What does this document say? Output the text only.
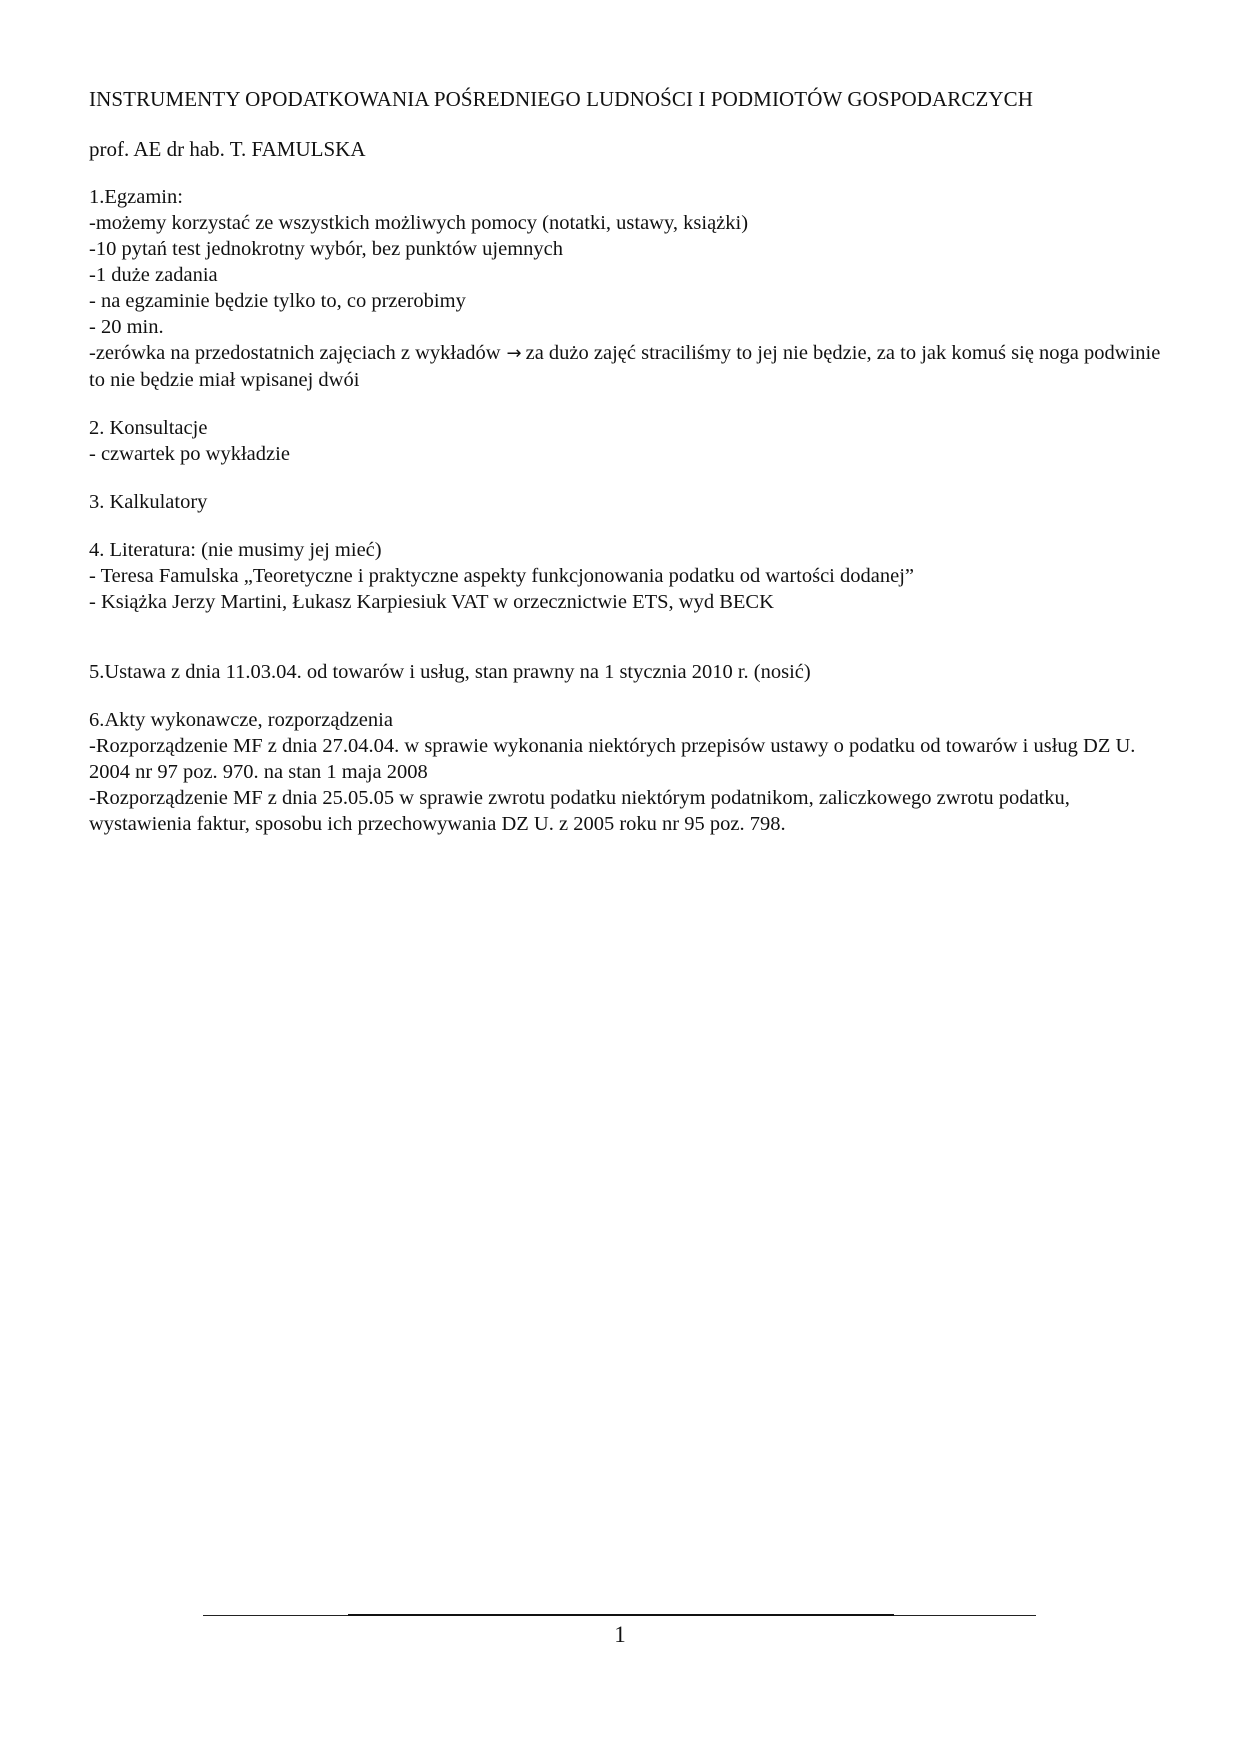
INSTRUMENTY OPODATKOWANIA POŚREDNIEGO LUDNOŚCI I PODMIOTÓW GOSPODARCZYCH

prof. AE dr hab. T. FAMULSKA

1.Egzamin:

-możemy korzystać ze wszystkich możliwych pomocy (notatki, ustawy, książki)

-10 pytań test jednokrotny wybór, bez punktów ujemnych

-1 duże zadania

- na egzaminie będzie tylko to, co przerobimy

- 20 min.

-zerówka na przedostatnich zajęciach z wykładów → za dużo zajęć straciliśmy to jej nie będzie, za to jak komuś się noga podwinie to nie będzie miał wpisanej dwói

2. Konsultacje

- czwartek po wykładzie

3. Kalkulatory

4. Literatura: (nie musimy jej mieć)

- Teresa Famulska „Teoretyczne i praktyczne aspekty funkcjonowania podatku od wartości dodanej”

- Książka Jerzy Martini, Łukasz Karpiesiuk VAT w orzecznictwie ETS, wyd BECK

5.Ustawa z dnia 11.03.04. od towarów i usług, stan prawny na 1 stycznia 2010 r. (nosić)

6.Akty wykonawcze, rozporządzenia

-Rozporządzenie MF z dnia 27.04.04. w sprawie wykonania niektórych przepisów ustawy o podatku od towarów i usług DZ U. 2004 nr 97 poz. 970. na stan 1 maja 2008

-Rozporządzenie MF z dnia 25.05.05 w sprawie zwrotu podatku niektórym podatnikom, zaliczkowego zwrotu podatku, wystawienia faktur, sposobu ich przechowywania DZ U. z 2005 roku nr 95 poz. 798.

1
